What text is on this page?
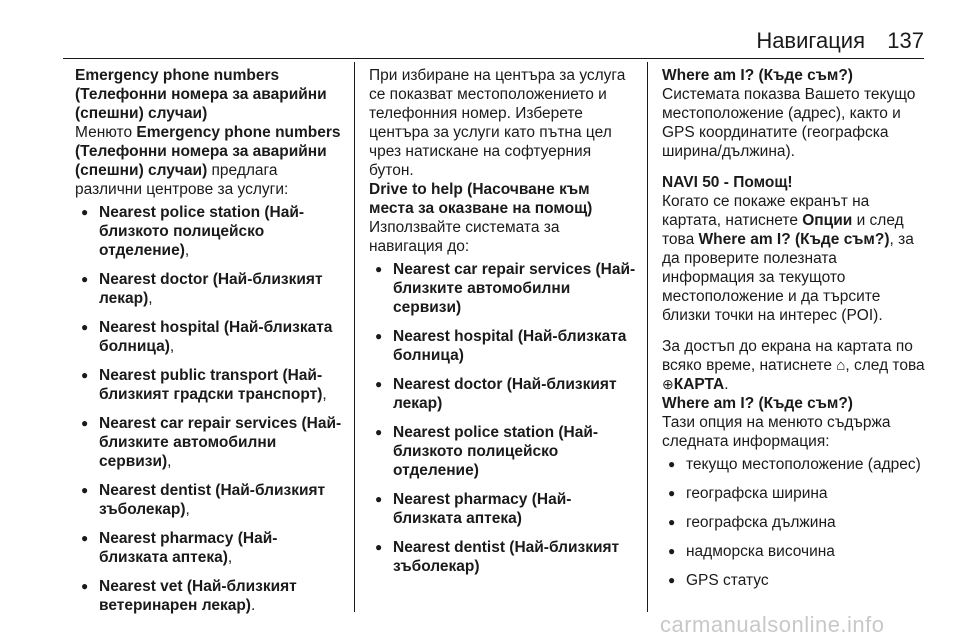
Навигация 137

Emergency phone numbers (Телефонни номера за аварийни (спешни) случаи)

Менюто Emergency phone numbers (Телефонни номера за аварийни (спешни) случаи) предлага различни центрове за услуги:

● Nearest police station (Най-близкото полицейско отделение),
● Nearest doctor (Най-близкият лекар),
● Nearest hospital (Най-близката болница),
● Nearest public transport (Най-близкият градски транспорт),
● Nearest car repair services (Най-близките автомобилни сервизи),
● Nearest dentist (Най-близкият зъболекар),
● Nearest pharmacy (Най-близката аптека),
● Nearest vet (Най-близкият ветеринарен лекар).

При избиране на центъра за услуга се показват местоположението и телефонния номер. Изберете центъра за услуги като пътна цел чрез натискане на софтуерния бутон.

Drive to help (Насочване към места за оказване на помощ)

Използвайте системата за навигация до:

● Nearest car repair services (Най-близките автомобилни сервизи)
● Nearest hospital (Най-близката болница)
● Nearest doctor (Най-близкият лекар)
● Nearest police station (Най-близкото полицейско отделение)
● Nearest pharmacy (Най-близката аптека)
● Nearest dentist (Най-близкият зъболекар)

Where am I? (Къде съм?)

Системата показва Вашето текущо местоположение (адрес), както и GPS координатите (географска ширина/дължина).

NAVI 50 - Помощ!

Когато се покаже екранът на картата, натиснете Опции и след това Where am I? (Къде съм?), за да проверите полезната информация за текущото местоположение и да търсите близки точки на интерес (POI).

За достъп до екрана на картата по всяко време, натиснете ⌂, след това ⊕КАРТА.

Where am I? (Къде съм?)

Тази опция на менюто съдържа следната информация:

● текущо местоположение (адрес)
● географска ширина
● географска дължина
● надморска височина
● GPS статус
carmanualsonline.info
